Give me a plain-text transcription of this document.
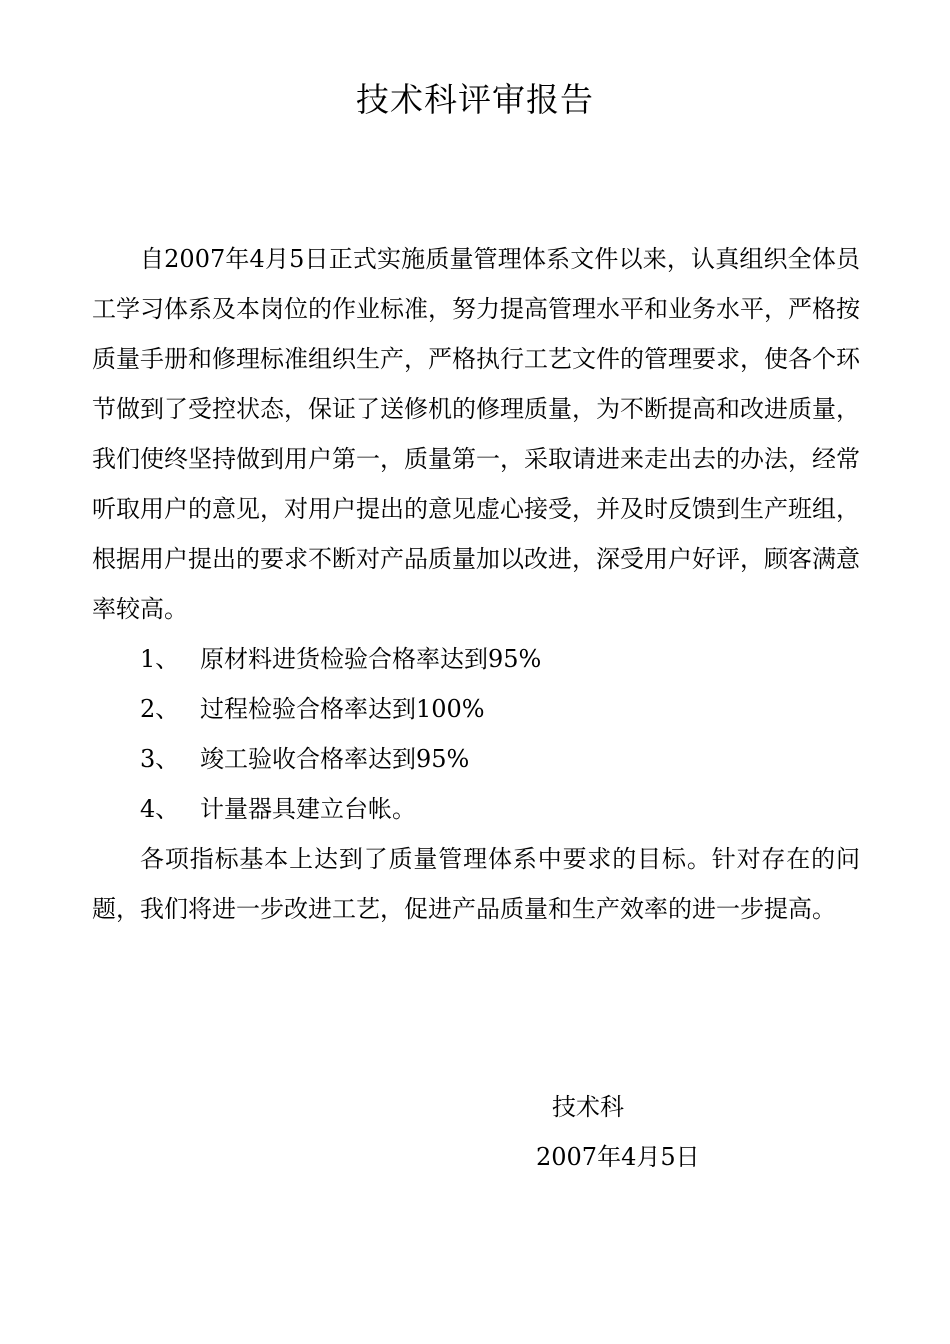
技术科评审报告

自2007年4月5日正式实施质量管理体系文件以来，认真组织全体员工学习体系及本岗位的作业标准，努力提高管理水平和业务水平，严格按质量手册和修理标准组织生产，严格执行工艺文件的管理要求，使各个环节做到了受控状态，保证了送修机的修理质量，为不断提高和改进质量，我们使终坚持做到用户第一，质量第一，采取请进来走出去的办法，经常听取用户的意见，对用户提出的意见虚心接受，并及时反馈到生产班组，根据用户提出的要求不断对产品质量加以改进，深受用户好评，顾客满意率较高。

1、 原材料进货检验合格率达到95%
2、 过程检验合格率达到100%
3、 竣工验收合格率达到95%
4、 计量器具建立台帐。

各项指标基本上达到了质量管理体系中要求的目标。针对存在的问题，我们将进一步改进工艺，促进产品质量和生产效率的进一步提高。

技术科
2007年4月5日
